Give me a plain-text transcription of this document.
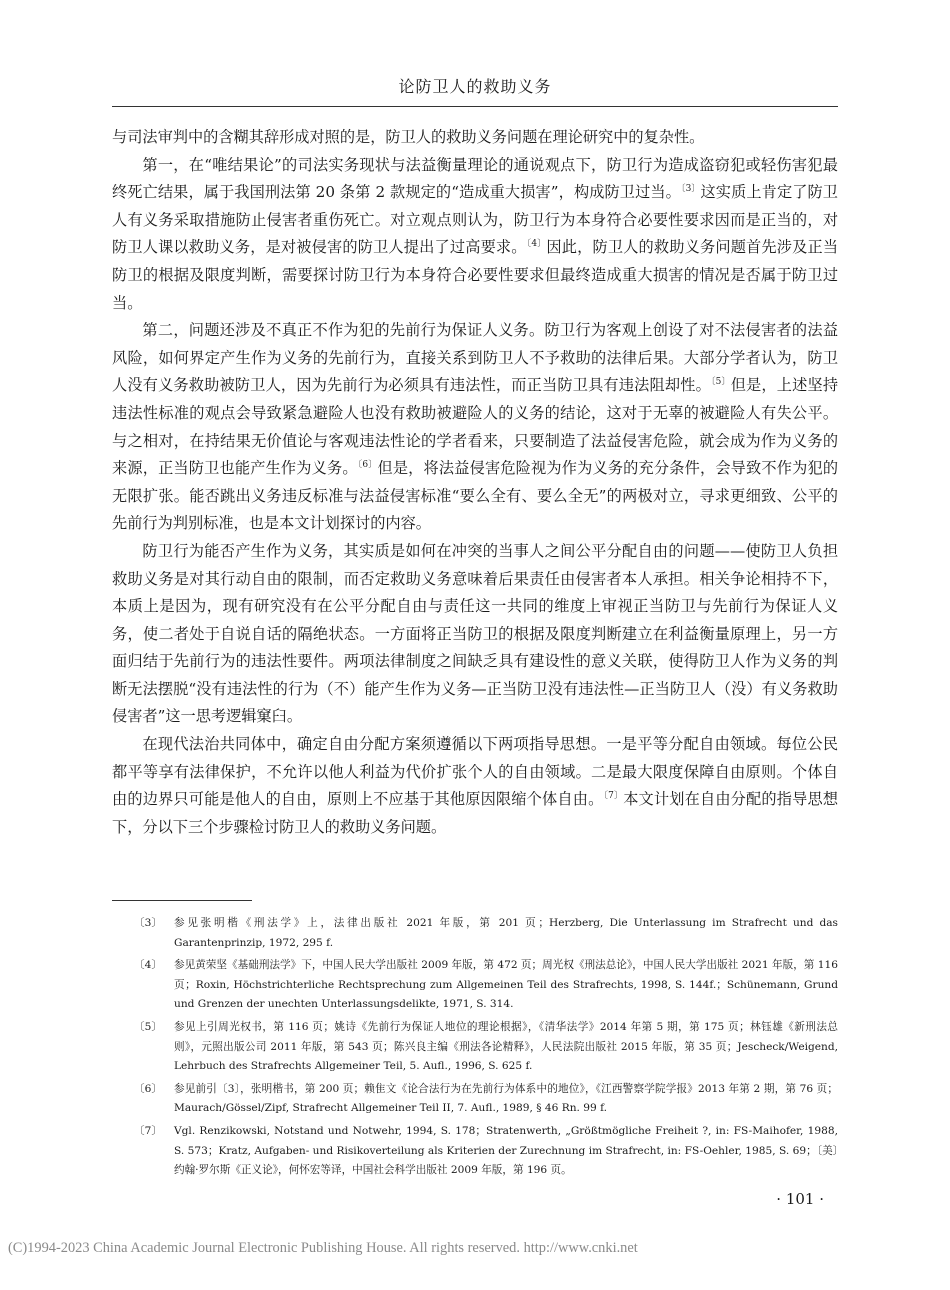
论防卫人的救助义务

与司法审判中的含糊其辞形成对照的是，防卫人的救助义务问题在理论研究中的复杂性。

第一，在“唯结果论”的司法实务现状与法益衡量理论的通说观点下，防卫行为造成盗窃犯或轻伤害犯最终死亡结果，属于我国刑法第 20 条第 2 款规定的“造成重大损害”，构成防卫过当。$^{〔3〕}$这实质上肯定了防卫人有义务采取措施防止侵害者重伤死亡。对立观点则认为，防卫行为本身符合必要性要求因而是正当的，对防卫人课以救助义务，是对被侵害的防卫人提出了过高要求。$^{〔4〕}$因此，防卫人的救助义务问题首先涉及正当防卫的根据及限度判断，需要探讨防卫行为本身符合必要性要求但最终造成重大损害的情况是否属于防卫过当。

第二，问题还涉及不真正不作为犯的先前行为保证人义务。防卫行为客观上创设了对不法侵害者的法益风险，如何界定产生作为义务的先前行为，直接关系到防卫人不予救助的法律后果。大部分学者认为，防卫人没有义务救助被防卫人，因为先前行为必须具有违法性，而正当防卫具有违法阻却性。$^{〔5〕}$但是，上述坚持违法性标准的观点会导致紧急避险人也没有救助被避险人的义务的结论，这对于无辜的被避险人有失公平。与之相对，在持结果无价值论与客观违法性论的学者看来，只要制造了法益侵害危险，就会成为作为义务的来源，正当防卫也能产生作为义务。$^{〔6〕}$但是，将法益侵害危险视为作为义务的充分条件，会导致不作为犯的无限扩张。能否跳出义务违反标准与法益侵害标准“要么全有、要么全无”的两极对立，寻求更细致、公平的先前行为判别标准，也是本文计划探讨的内容。

防卫行为能否产生作为义务，其实质是如何在冲突的当事人之间公平分配自由的问题——使防卫人负担救助义务是对其行动自由的限制，而否定救助义务意味着后果责任由侵害者本人承担。相关争论相持不下，本质上是因为，现有研究没有在公平分配自由与责任这一共同的维度上审视正当防卫与先前行为保证人义务，使二者处于自说自话的隔绝状态。一方面将正当防卫的根据及限度判断建立在利益衡量原理上，另一方面归结于先前行为的违法性要件。两项法律制度之间缺乏具有建设性的意义关联，使得防卫人作为义务的判断无法摆脱“没有违法性的行为（不）能产生作为义务—正当防卫没有违法性—正当防卫人（没）有义务救助侵害者”这一思考逻辑窠臼。

在现代法治共同体中，确定自由分配方案须遵循以下两项指导思想。一是平等分配自由领域。每位公民都平等享有法律保护，不允许以他人利益为代价扩张个人的自由领域。二是最大限度保障自由原则。个体自由的边界只可能是他人的自由，原则上不应基于其他原因限缩个体自由。$^{〔7〕}$本文计划在自由分配的指导思想下，分以下三个步骤检讨防卫人的救助义务问题。

〔3〕	参见张明楷《刑法学》上，法律出版社 2021 年版，第 201 页；Herzberg, Die Unterlassung im Strafrecht und das Garantenprinzip, 1972, 295 f.
〔4〕	参见黄荣坚《基础刑法学》下，中国人民大学出版社 2009 年版，第 472 页；周光权《刑法总论》，中国人民大学出版社 2021 年版，第 116 页；Roxin, Höchstrichterliche Rechtsprechung zum Allgemeinen Teil des Strafrechts, 1998, S. 144f.；Schünemann, Grund und Grenzen der unechten Unterlassungsdelikte, 1971, S. 314.
〔5〕	参见上引周光权书，第 116 页；姚诗《先前行为保证人地位的理论根据》，《清华法学》2014 年第 5 期，第 175 页；林钰雄《新刑法总则》，元照出版公司 2011 年版，第 543 页；陈兴良主编《刑法各论精释》，人民法院出版社 2015 年版，第 35 页；Jescheck/Weigend, Lehrbuch des Strafrechts Allgemeiner Teil, 5. Aufl., 1996, S. 625 f.
〔6〕	参见前引〔3〕，张明楷书，第 200 页；赖隹文《论合法行为在先前行为体系中的地位》，《江西警察学院学报》2013 年第 2 期，第 76 页；Maurach/Gössel/Zipf, Strafrecht Allgemeiner Teil II, 7. Aufl., 1989, § 46 Rn. 99 f.
〔7〕	Vgl. Renzikowski, Notstand und Notwehr, 1994, S. 178；Stratenwerth, „Größtmögliche Freiheit ?, in: FS-Maihofer, 1988, S. 573；Kratz, Aufgaben- und Risikoverteilung als Kriterien der Zurechnung im Strafrecht, in: FS-Oehler, 1985, S. 69；〔美〕约翰·罗尔斯《正义论》，何怀宏等译，中国社会科学出版社 2009 年版，第 196 页。
· 101 ·
(C)1994-2023 China Academic Journal Electronic Publishing House. All rights reserved. http://www.cnki.net
